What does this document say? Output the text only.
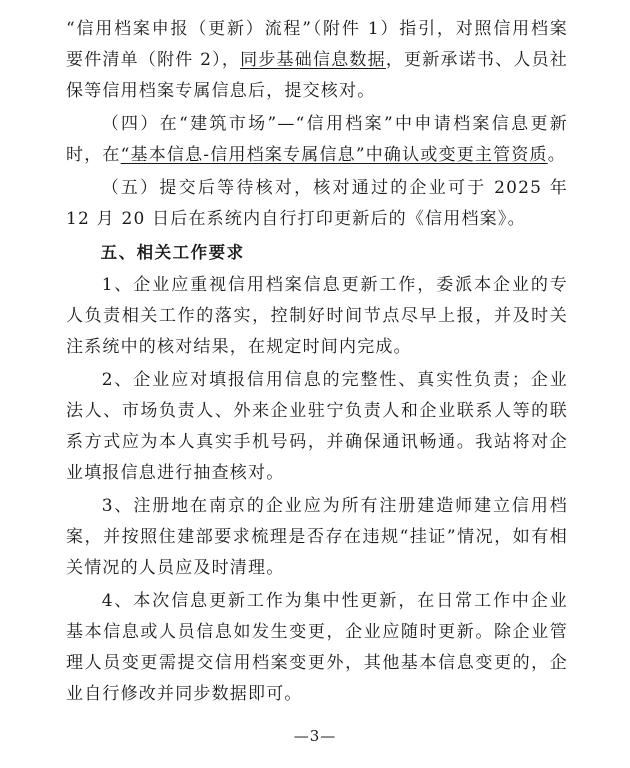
“信用档案申报（更新）流程”（附件 1）指引，对照信用档案要件清单（附件 2），同步基础信息数据，更新承诺书、人员社保等信用档案专属信息后，提交核对。

（四）在“建筑市场”—“信用档案”中申请档案信息更新时，在“基本信息-信用档案专属信息”中确认或变更主管资质。

（五）提交后等待核对，核对通过的企业可于 2025 年 12 月 20 日后在系统内自行打印更新后的《信用档案》。

五、相关工作要求

1、企业应重视信用档案信息更新工作，委派本企业的专人负责相关工作的落实，控制好时间节点尽早上报，并及时关注系统中的核对结果，在规定时间内完成。

2、企业应对填报信用信息的完整性、真实性负责；企业法人、市场负责人、外来企业驻宁负责人和企业联系人等的联系方式应为本人真实手机号码，并确保通讯畅通。我站将对企业填报信息进行抽查核对。

3、注册地在南京的企业应为所有注册建造师建立信用档案，并按照住建部要求梳理是否存在违规“挂证”情况，如有相关情况的人员应及时清理。

4、本次信息更新工作为集中性更新，在日常工作中企业基本信息或人员信息如发生变更，企业应随时更新。除企业管理人员变更需提交信用档案变更外，其他基本信息变更的，企业自行修改并同步数据即可。

—3—
